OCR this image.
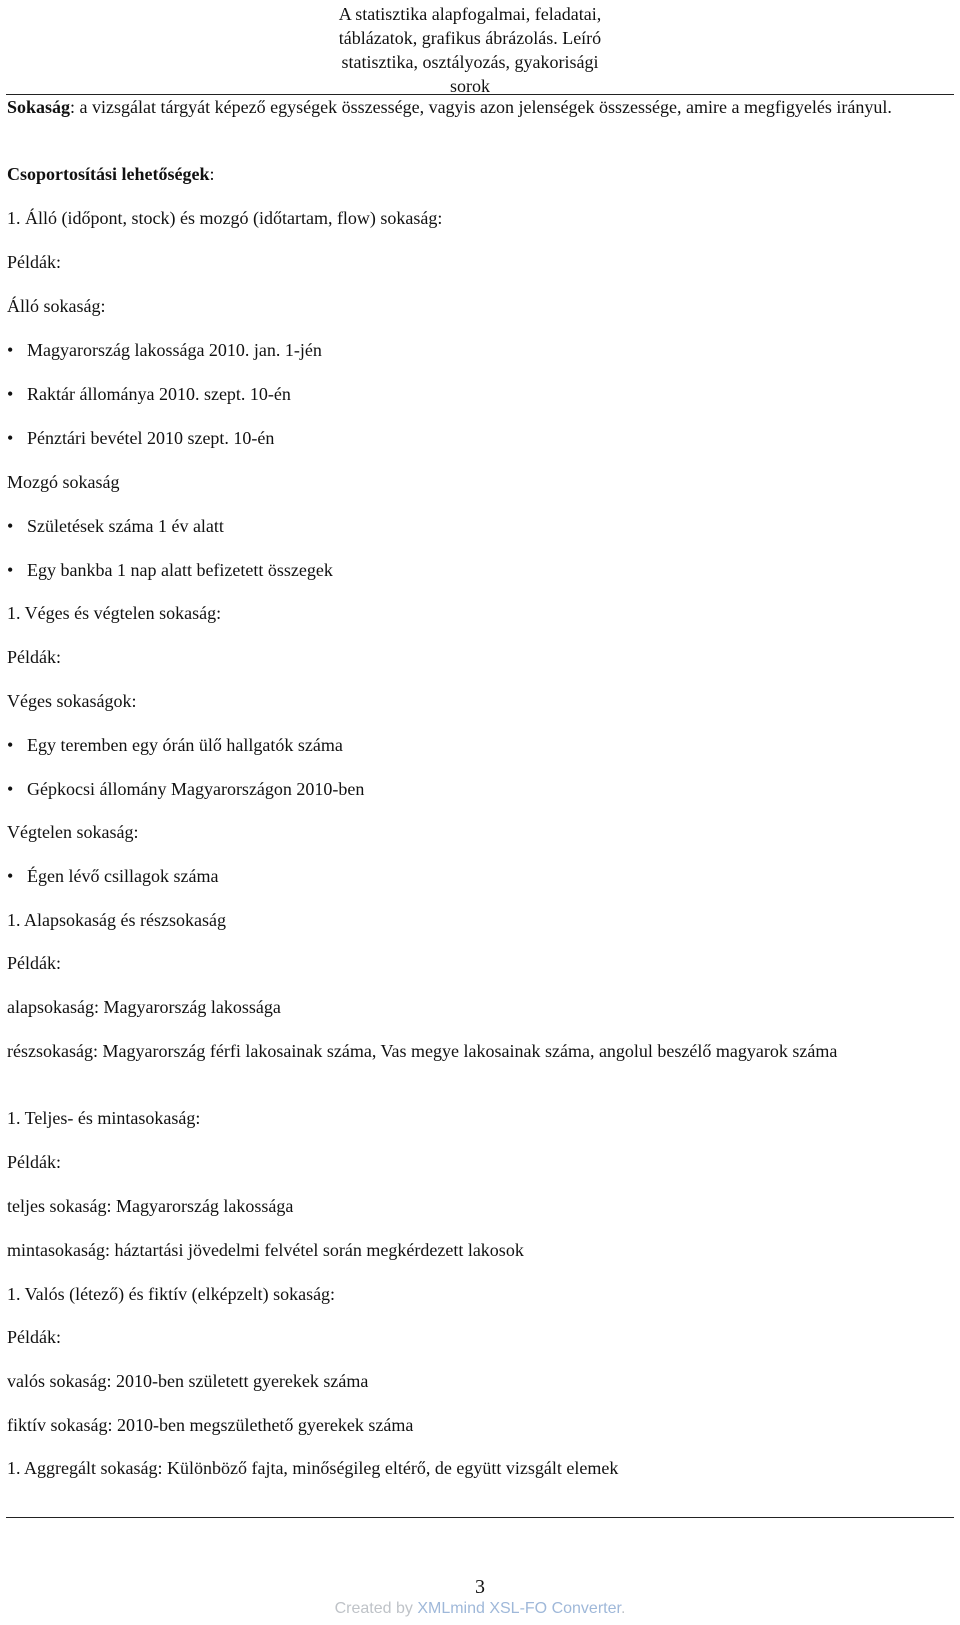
A statisztika alapfogalmai, feladatai,
táblázatok, grafikus ábrázolás. Leíró
statisztika, osztályozás, gyakorisági
sorok
Sokaság: a vizsgálat tárgyát képező egységek összessége, vagyis azon jelenségek összessége, amire a megfigyelés irányul.
Csoportosítási lehetőségek:
1. Álló (időpont, stock) és mozgó (időtartam, flow) sokaság:
Példák:
Álló sokaság:
• Magyarország lakossága 2010. jan. 1-jén
• Raktár állománya 2010. szept. 10-én
• Pénztári bevétel 2010 szept. 10-én
Mozgó sokaság
• Születések száma 1 év alatt
• Egy bankba 1 nap alatt befizetett összegek
1. Véges és végtelen sokaság:
Példák:
Véges sokaságok:
• Egy teremben egy órán ülő hallgatók száma
• Gépkocsi állomány Magyarországon 2010-ben
Végtelen sokaság:
• Égen lévő csillagok száma
1. Alapsokaság és részsokaság
Példák:
alapsokaság: Magyarország lakossága
részsokaság: Magyarország férfi lakosainak száma, Vas megye lakosainak száma, angolul beszélő magyarok száma
1. Teljes- és mintasokaság:
Példák:
teljes sokaság: Magyarország lakossága
mintasokaság: háztartási jövedelmi felvétel során megkérdezett lakosok
1. Valós (létező) és fiktív (elképzelt) sokaság:
Példák:
valós sokaság: 2010-ben született gyerekek száma
fiktív sokaság: 2010-ben megszülethető gyerekek száma
1. Aggregált sokaság: Különböző fajta, minőségileg eltérő, de együtt vizsgált elemek
3
Created by XMLmind XSL-FO Converter.
